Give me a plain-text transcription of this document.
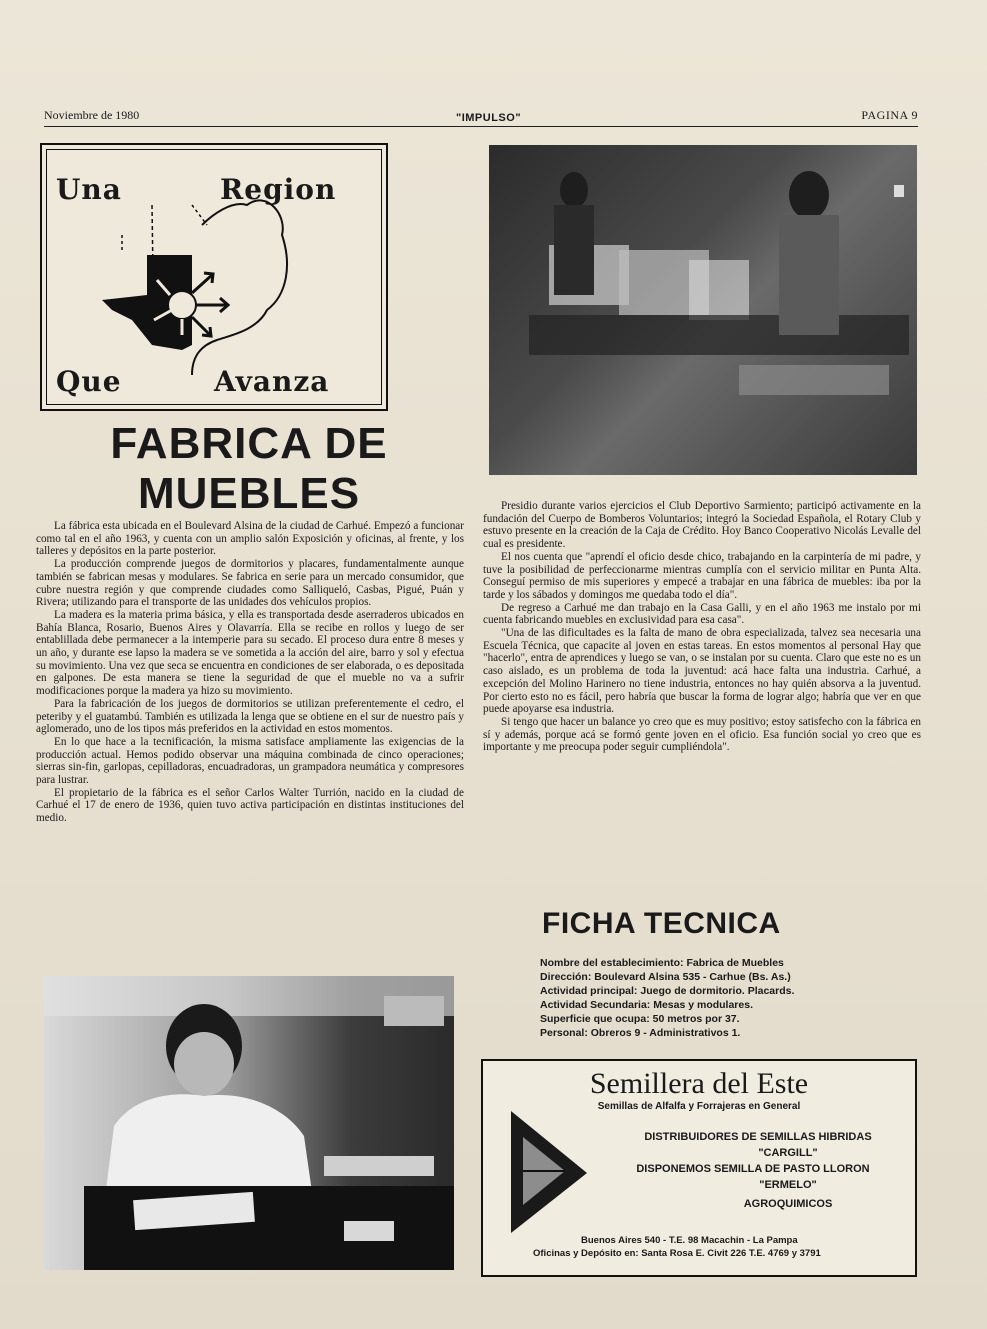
Noviembre de 1980	"IMPULSO"	PAGINA 9
Una	Region
Que	Avanza
FABRICA DE
MUEBLES

La fábrica esta ubicada en el Boulevard Alsina de la ciudad de Carhué. Empezó a funcionar como tal en el año 1963, y cuenta con un amplio salón Exposición y oficinas, al frente, y los talleres y depósitos en la parte posterior.

La producción comprende juegos de dormitorios y placares, fundamentalmente aunque también se fabrican mesas y modulares. Se fabrica en serie para un mercado consumidor, que cubre nuestra región y que comprende ciudades como Salliqueló, Casbas, Pigué, Puán y Rivera; utilizando para el transporte de las unidades dos vehículos propios.

La madera es la materia prima básica, y ella es transportada desde aserraderos ubicados en Bahía Blanca, Rosario, Buenos Aires y Olavarría. Ella se recibe en rollos y luego de ser entablillada debe permanecer a la intemperie para su secado. El proceso dura entre 8 meses y un año, y durante ese lapso la madera se ve sometida a la acción del aire, barro y sol y efectua su movimiento. Una vez que seca se encuentra en condiciones de ser elaborada, o es depositada en galpones. De esta manera se tiene la seguridad de que el mueble no va a sufrir modificaciones porque la madera ya hizo su movimiento.

Para la fabricación de los juegos de dormitorios se utilizan preferentemente el cedro, el peteriby y el guatambú. También es utilizada la lenga que se obtiene en el sur de nuestro país y aglomerado, uno de los tipos más preferidos en la actividad en estos momentos.

En lo que hace a la tecnificación, la misma satisface ampliamente las exigencias de la producción actual. Hemos podido observar una máquina combinada de cinco operaciones; sierras sin-fin, garlopas, cepilladoras, encuadradoras, un grampadora neumática y compresores para lustrar.

El propietario de la fábrica es el señor Carlos Walter Turrión, nacido en la ciudad de Carhué el 17 de enero de 1936, quien tuvo activa participación en distintas instituciones del medio.

Presidio durante varios ejercicios el Club Deportivo Sarmiento; participó activamente en la fundación del Cuerpo de Bomberos Voluntarios; integró la Sociedad Española, el Rotary Club y estuvo presente en la creación de la Caja de Crédito. Hoy Banco Cooperativo Nicolás Levalle del cual es presidente.

El nos cuenta que "aprendí el oficio desde chico, trabajando en la carpintería de mi padre, y tuve la posibilidad de perfeccionarme mientras cumplía con el servicio militar en Punta Alta. Conseguí permiso de mis superiores y empecé a trabajar en una fábrica de muebles: iba por la tarde y los sábados y domingos me quedaba todo el día".

De regreso a Carhué me dan trabajo en la Casa Galli, y en el año 1963 me instalo por mi cuenta fabricando muebles en exclusividad para esa casa".

"Una de las dificultades es la falta de mano de obra especializada, talvez sea necesaria una Escuela Técnica, que capacite al joven en estas tareas. En estos momentos al personal Hay que "hacerlo", entra de aprendices y luego se van, o se instalan por su cuenta. Claro que este no es un caso aislado, es un problema de toda la juventud: acá hace falta una industria. Carhué, a excepción del Molino Harinero no tiene industria, entonces no hay quién absorva a la juventud. Por cierto esto no es fácil, pero habría que buscar la forma de lograr algo; habría que ver en que puede apoyarse esa industria.

Si tengo que hacer un balance yo creo que es muy positivo; estoy satisfecho con la fábrica en sí y además, porque acá se formó gente joven en el oficio. Esa función social yo creo que es importante y me preocupa poder seguir cumpliéndola".

FICHA TECNICA
Nombre del establecimiento: Fabrica de Muebles
Dirección: Boulevard Alsina 535 - Carhue (Bs. As.)
Actividad principal: Juego de dormitorio. Placards.
Actividad Secundaria: Mesas y modulares.
Superficie que ocupa: 50 metros por 37.
Personal: Obreros 9 - Administrativos 1.
Semillera del Este
Semillas de Alfalfa y Forrajeras en General
DISTRIBUIDORES DE SEMILLAS HIBRIDAS
"CARGILL"
DISPONEMOS SEMILLA DE PASTO LLORON
"ERMELO"
AGROQUIMICOS
Buenos Aires 540 - T.E. 98 Macachin - La Pampa
Oficinas y Depósito en: Santa Rosa E. Civit 226 T.E. 4769 y 3791
